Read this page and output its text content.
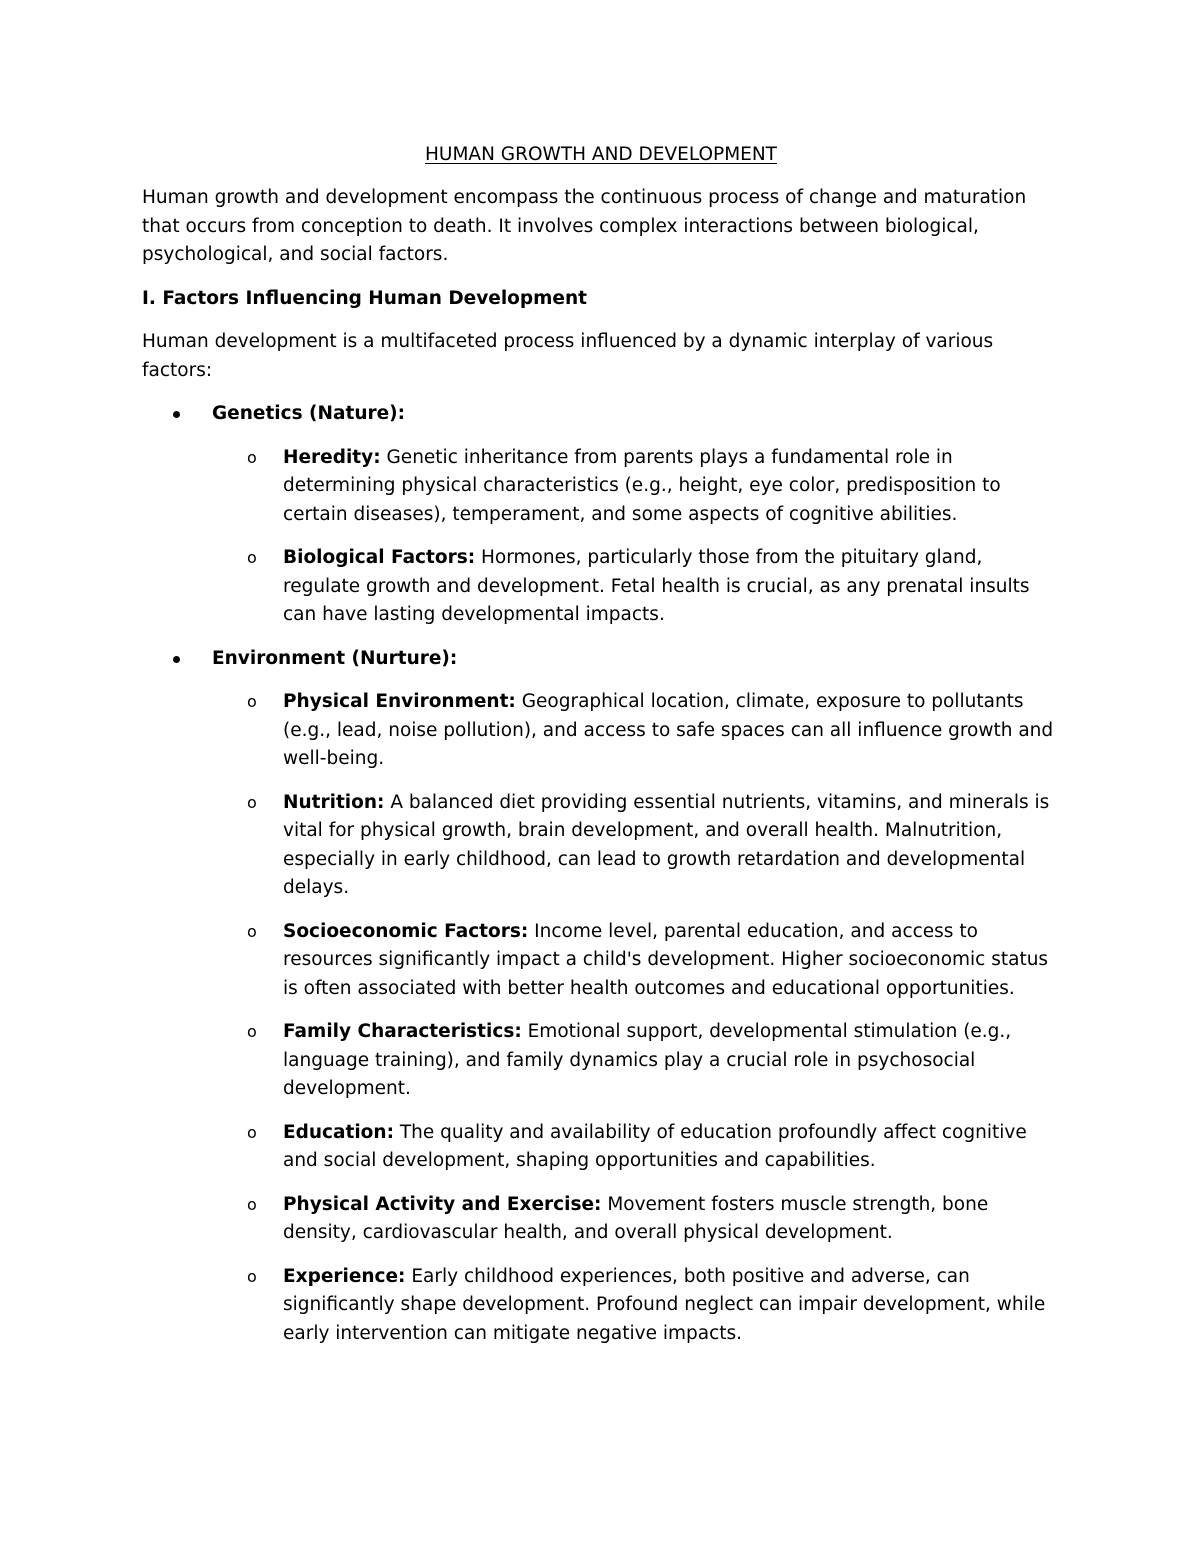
HUMAN GROWTH AND DEVELOPMENT

Human growth and development encompass the continuous process of change and maturation that occurs from conception to death. It involves complex interactions between biological, psychological, and social factors.

I. Factors Influencing Human Development

Human development is a multifaceted process influenced by a dynamic interplay of various factors:

Genetics (Nature):
o Heredity: Genetic inheritance from parents plays a fundamental role in determining physical characteristics (e.g., height, eye color, predisposition to certain diseases), temperament, and some aspects of cognitive abilities.
o Biological Factors: Hormones, particularly those from the pituitary gland, regulate growth and development. Fetal health is crucial, as any prenatal insults can have lasting developmental impacts.
Environment (Nurture):
o Physical Environment: Geographical location, climate, exposure to pollutants (e.g., lead, noise pollution), and access to safe spaces can all influence growth and well-being.
o Nutrition: A balanced diet providing essential nutrients, vitamins, and minerals is vital for physical growth, brain development, and overall health. Malnutrition, especially in early childhood, can lead to growth retardation and developmental delays.
o Socioeconomic Factors: Income level, parental education, and access to resources significantly impact a child's development. Higher socioeconomic status is often associated with better health outcomes and educational opportunities.
o Family Characteristics: Emotional support, developmental stimulation (e.g., language training), and family dynamics play a crucial role in psychosocial development.
o Education: The quality and availability of education profoundly affect cognitive and social development, shaping opportunities and capabilities.
o Physical Activity and Exercise: Movement fosters muscle strength, bone density, cardiovascular health, and overall physical development.
o Experience: Early childhood experiences, both positive and adverse, can significantly shape development. Profound neglect can impair development, while early intervention can mitigate negative impacts.
